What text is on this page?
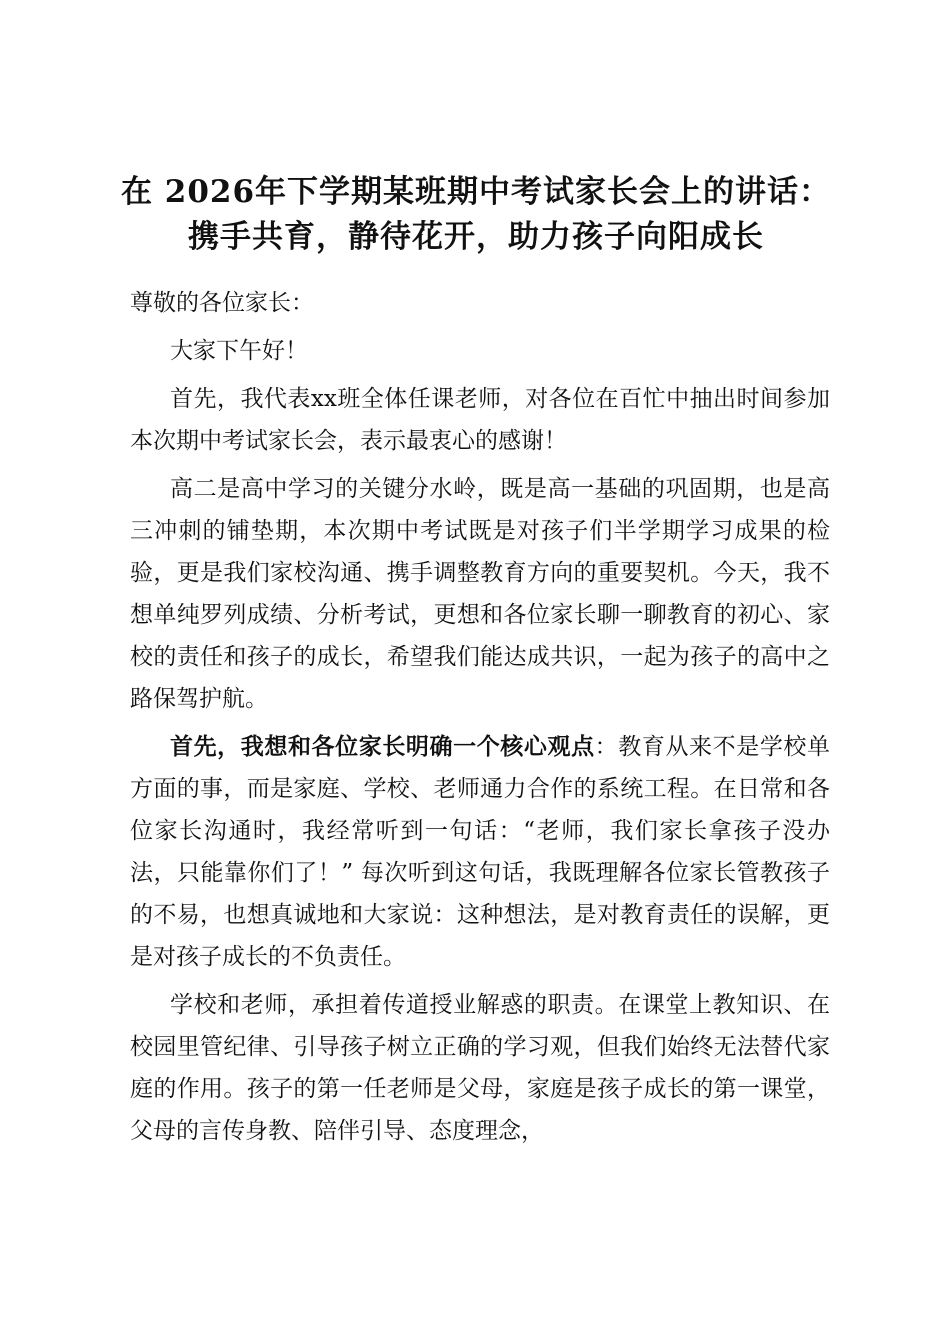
在 2026年下学期某班期中考试家长会上的讲话：携手共育，静待花开，助力孩子向阳成长

尊敬的各位家长：

大家下午好！

首先，我代表xx班全体任课老师，对各位在百忙中抽出时间参加本次期中考试家长会，表示最衷心的感谢！

高二是高中学习的关键分水岭，既是高一基础的巩固期，也是高三冲刺的铺垫期，本次期中考试既是对孩子们半学期学习成果的检验，更是我们家校沟通、携手调整教育方向的重要契机。今天，我不想单纯罗列成绩、分析考试，更想和各位家长聊一聊教育的初心、家校的责任和孩子的成长，希望我们能达成共识，一起为孩子的高中之路保驾护航。

首先，我想和各位家长明确一个核心观点：教育从来不是学校单方面的事，而是家庭、学校、老师通力合作的系统工程。在日常和各位家长沟通时，我经常听到一句话：“老师，我们家长拿孩子没办法，只能靠你们了！” 每次听到这句话，我既理解各位家长管教孩子的不易，也想真诚地和大家说：这种想法，是对教育责任的误解，更是对孩子成长的不负责任。

学校和老师，承担着传道授业解惑的职责。在课堂上教知识、在校园里管纪律、引导孩子树立正确的学习观，但我们始终无法替代家庭的作用。孩子的第一任老师是父母，家庭是孩子成长的第一课堂，父母的言传身教、陪伴引导、态度理念，
